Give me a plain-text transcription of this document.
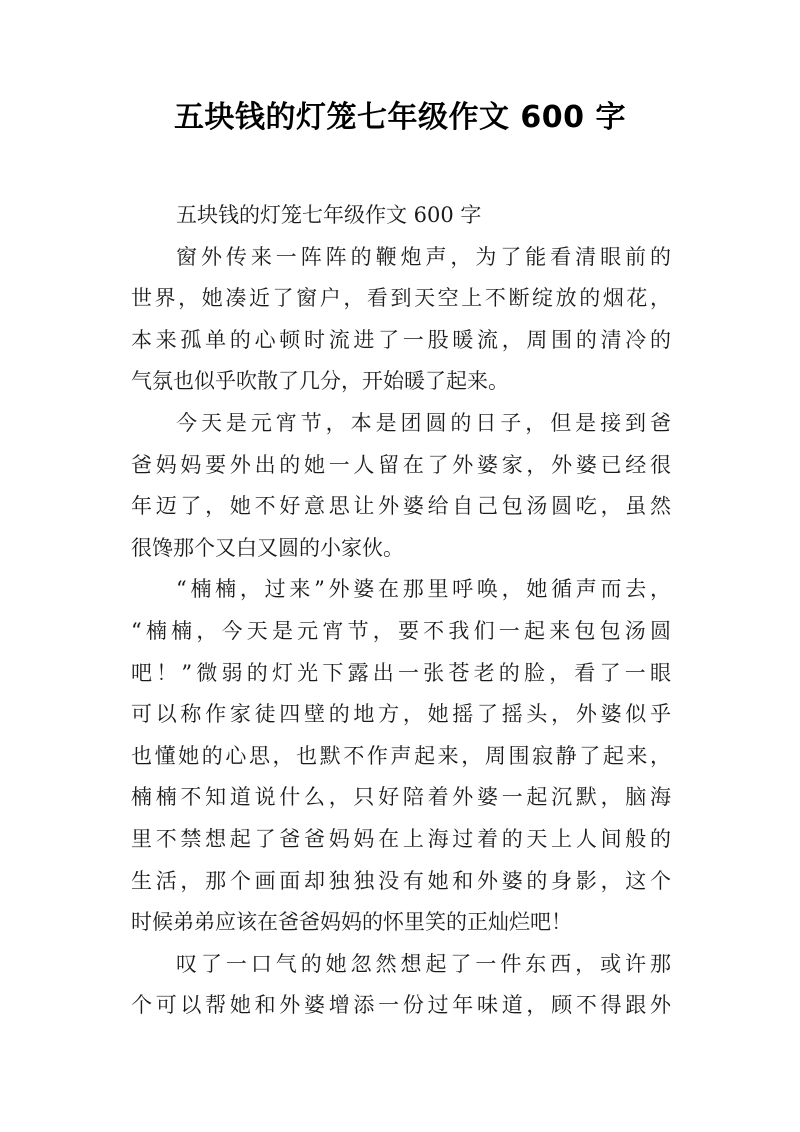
五块钱的灯笼七年级作文 600 字
五块钱的灯笼七年级作文 600 字
窗外传来一阵阵的鞭炮声，为了能看清眼前的
世界，她凑近了窗户，看到天空上不断绽放的烟花，
本来孤单的心顿时流进了一股暖流，周围的清冷的
气氛也似乎吹散了几分，开始暖了起来。
今天是元宵节，本是团圆的日子，但是接到爸
爸妈妈要外出的她一人留在了外婆家，外婆已经很
年迈了，她不好意思让外婆给自己包汤圆吃，虽然
很馋那个又白又圆的小家伙。
“楠楠，过来”外婆在那里呼唤，她循声而去，
“楠楠，今天是元宵节，要不我们一起来包包汤圆
吧！”微弱的灯光下露出一张苍老的脸，看了一眼
可以称作家徒四壁的地方，她摇了摇头，外婆似乎
也懂她的心思，也默不作声起来，周围寂静了起来，
楠楠不知道说什么，只好陪着外婆一起沉默，脑海
里不禁想起了爸爸妈妈在上海过着的天上人间般的
生活，那个画面却独独没有她和外婆的身影，这个
时候弟弟应该在爸爸妈妈的怀里笑的正灿烂吧！
叹了一口气的她忽然想起了一件东西，或许那
个可以帮她和外婆增添一份过年味道，顾不得跟外
